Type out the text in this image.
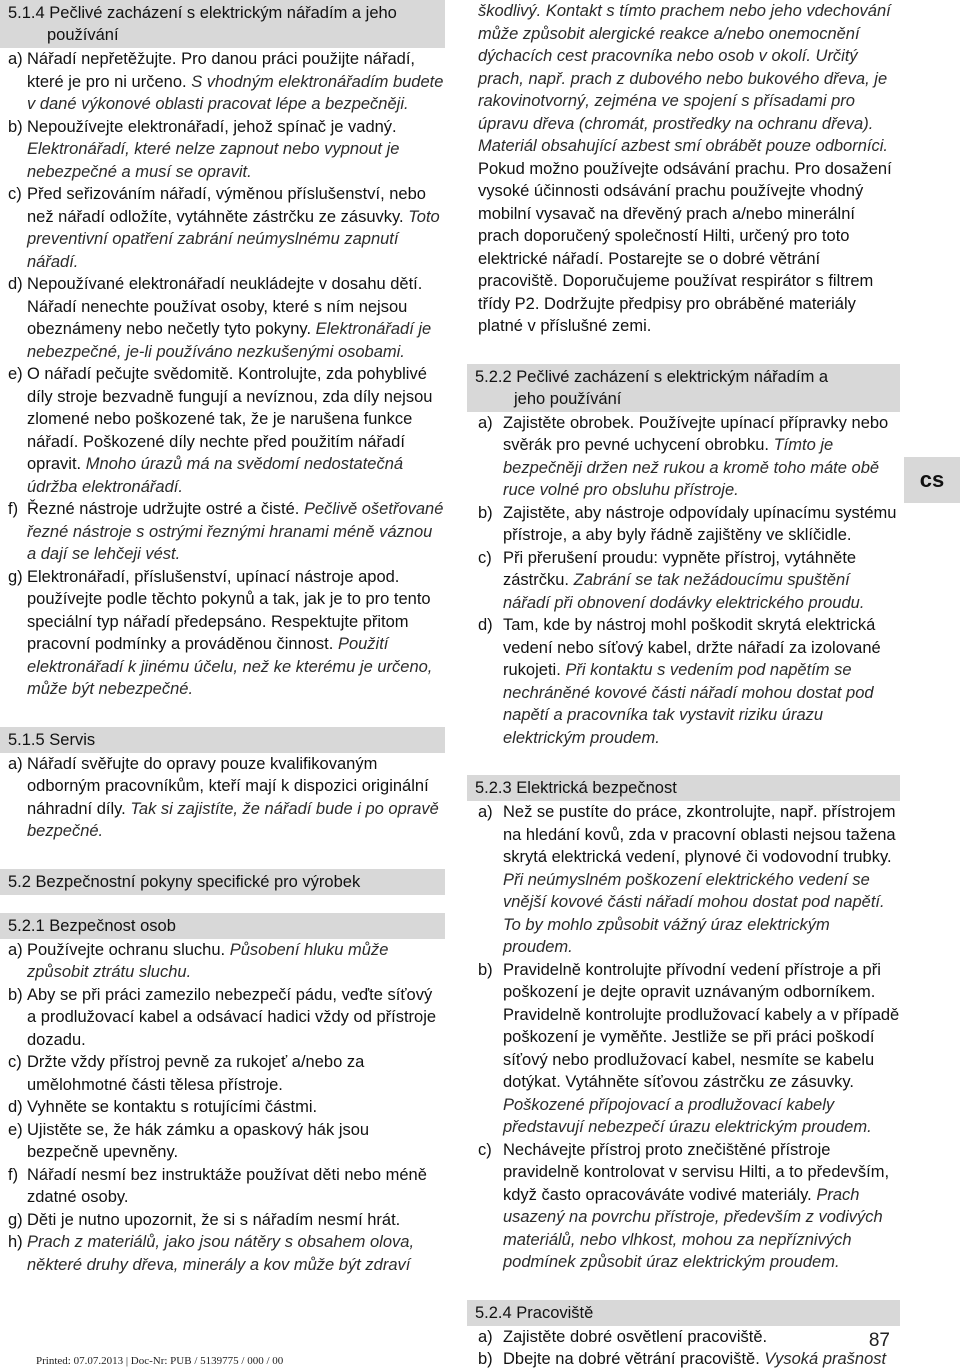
5.1.4 Pečlivé zacházení s elektrickým nářadím a jeho
používání
a) Nářadí nepřetěžujte. Pro danou práci použijte nářadí, které je pro ni určeno. S vhodným elektronářadím budete v dané výkonové oblasti pracovat lépe a bezpečněji.
b) Nepoužívejte elektronářadí, jehož spínač je vadný. Elektronářadí, které nelze zapnout nebo vypnout je nebezpečné a musí se opravit.
c) Před seřizováním nářadí, výměnou příslušenství, nebo než nářadí odložíte, vytáhněte zástrčku ze zásuvky. Toto preventivní opatření zabrání neúmyslnému zapnutí nářadí.
d) Nepoužívané elektronářadí neukládejte v dosahu dětí. Nářadí nenechte používat osoby, které s ním nejsou obeznámeny nebo nečetly tyto pokyny. Elektronářadí je nebezpečné, je-li používáno nezkušenými osobami.
e) O nářadí pečujte svědomitě. Kontrolujte, zda pohyblivé díly stroje bezvadně fungují a nevíznou, zda díly nejsou zlomené nebo poškozené tak, že je narušena funkce nářadí. Poškozené díly nechte před použitím nářadí opravit. Mnoho úrazů má na svědomí nedostatečná údržba elektronářadí.
f) Řezné nástroje udržujte ostré a čisté. Pečlivě ošetřované řezné nástroje s ostrými řeznými hranami méně váznou a dají se lehčeji vést.
g) Elektronářadí, příslušenství, upínací nástroje apod. používejte podle těchto pokynů a tak, jak je to pro tento speciální typ nářadí předepsáno. Respektujte přitom pracovní podmínky a prováděnou činnost. Použití elektronářadí k jinému účelu, než ke kterému je určeno, může být nebezpečné.
5.1.5 Servis
a) Nářadí svěřujte do opravy pouze kvalifikovaným odborným pracovníkům, kteří mají k dispozici originální náhradní díly. Tak si zajistíte, že nářadí bude i po opravě bezpečné.
5.2 Bezpečnostní pokyny specifické pro výrobek
5.2.1 Bezpečnost osob
a) Používejte ochranu sluchu. Působení hluku může způsobit ztrátu sluchu.
b) Aby se při práci zamezilo nebezpečí pádu, veďte síťový a prodlužovací kabel a odsávací hadici vždy od přístroje dozadu.
c) Držte vždy přístroj pevně za rukojeť a/nebo za umělohmotné části tělesa přístroje.
d) Vyhněte se kontaktu s rotujícími částmi.
e) Ujistěte se, že hák zámku a opaskový hák jsou bezpečně upevněny.
f) Nářadí nesmí bez instruktáže používat děti nebo méně zdatné osoby.
g) Děti je nutno upozornit, že si s nářadím nesmí hrát.
h) Prach z materiálů, jako jsou nátěry s obsahem olova, některé druhy dřeva, minerály a kov může být zdraví
škodlivý. Kontakt s tímto prachem nebo jeho vdechování může způsobit alergické reakce a/nebo onemocnění dýchacích cest pracovníka nebo osob v okolí. Určitý prach, např. prach z dubového nebo bukového dřeva, je rakovinotvorný, zejména ve spojení s přísadami pro úpravu dřeva (chromát, prostředky na ochranu dřeva). Materiál obsahující azbest smí obrábět pouze odborníci. Pokud možno používejte odsávání prachu. Pro dosažení vysoké účinnosti odsávání prachu používejte vhodný mobilní vysavač na dřevěný prach a/nebo minerální prach doporučený společností Hilti, určený pro toto elektrické nářadí. Postarejte se o dobré větrání pracoviště. Doporučujeme používat respirátor s filtrem třídy P2. Dodržujte předpisy pro obráběné materiály platné v příslušné zemi.
5.2.2 Pečlivé zacházení s elektrickým nářadím a
jeho používání
a) Zajistěte obrobek. Používejte upínací přípravky nebo svěrák pro pevné uchycení obrobku. Tímto je bezpečněji držen než rukou a kromě toho máte obě ruce volné pro obsluhu přístroje.
b) Zajistěte, aby nástroje odpovídaly upínacímu systému přístroje, a aby byly řádně zajištěny ve sklíčidle.
c) Při přerušení proudu: vypněte přístroj, vytáhněte zástrčku. Zabrání se tak nežádoucímu spuštění nářadí při obnovení dodávky elektrického proudu.
d) Tam, kde by nástroj mohl poškodit skrytá elektrická vedení nebo síťový kabel, držte nářadí za izolované rukojeti. Při kontaktu s vedením pod napětím se nechráněné kovové části nářadí mohou dostat pod napětí a pracovníka tak vystavit riziku úrazu elektrickým proudem.
5.2.3 Elektrická bezpečnost
a) Než se pustíte do práce, zkontrolujte, např. přístrojem na hledání kovů, zda v pracovní oblasti nejsou tažena skrytá elektrická vedení, plynové či vodovodní trubky. Při neúmyslném poškození elektrického vedení se vnější kovové části nářadí mohou dostat pod napětí. To by mohlo způsobit vážný úraz elektrickým proudem.
b) Pravidelně kontrolujte přívodní vedení přístroje a při poškození je dejte opravit uznávaným odborníkem. Pravidelně kontrolujte prodlužovací kabely a v případě poškození je vyměňte. Jestliže se při práci poškodí síťový nebo prodlužovací kabel, nesmíte se kabelu dotýkat. Vytáhněte síťovou zástrčku ze zásuvky. Poškozené přípojovací a prodlužovací kabely představují nebezpečí úrazu elektrickým proudem.
c) Nechávejte přístroj proto znečištěné přístroje pravidelně kontrolovat v servisu Hilti, a to především, když často opracováváte vodivé materiály. Prach usazený na povrchu přístroje, především z vodivých materiálů, nebo vlhkost, mohou za nepříznivých podmínek způsobit úraz elektrickým proudem.
5.2.4 Pracoviště
a) Zajistěte dobré osvětlení pracoviště.
b) Dbejte na dobré větrání pracoviště. Vysoká prašnost
cs
87
Printed: 07.07.2013 | Doc-Nr: PUB / 5139775 / 000 / 00
